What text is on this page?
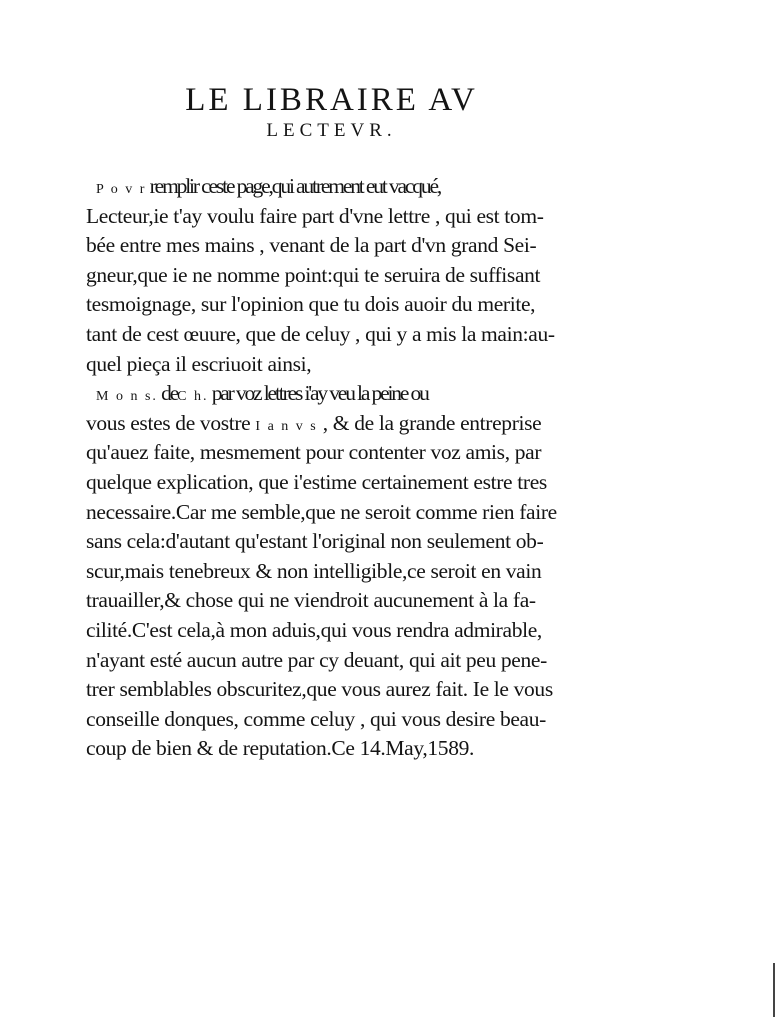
LE LIBRAIRE AV
LECTEVR.
P o v r remplir ceste page,qui autrement eut vacqué,
Lecteur,ie t'ay voulu faire part d'vne lettre , qui est tom-
bée entre mes mains , venant de la part d'vn grand Sei-
gneur,que ie ne nomme point:qui te seruira de suffisant
tesmoignage, sur l'opinion que tu dois auoir du merite,
tant de cest œuure, que de celuy , qui y a mis la main:au-
quel pieça il escriuoit ainsi,
M o n s. deC h. par voz lettres i'ay veu la peine ou
vous estes de vostre I a n v s , & de la grande entreprise
qu'auez faite, mesmement pour contenter voz amis, par
quelque explication, que i'estime certainement estre tres
necessaire.Car me semble,que ne seroit comme rien faire
sans cela:d'autant qu'estant l'original non seulement ob-
scur,mais tenebreux & non intelligible,ce seroit en vain
trauailler,& chose qui ne viendroit aucunement à la fa-
cilité.C'est cela,à mon aduis,qui vous rendra admirable,
n'ayant esté aucun autre par cy deuant, qui ait peu pene-
trer semblables obscuritez,que vous aurez fait. Ie le vous
conseille donques, comme celuy , qui vous desire beau-
coup de bien & de reputation.Ce 14.May,1589.
